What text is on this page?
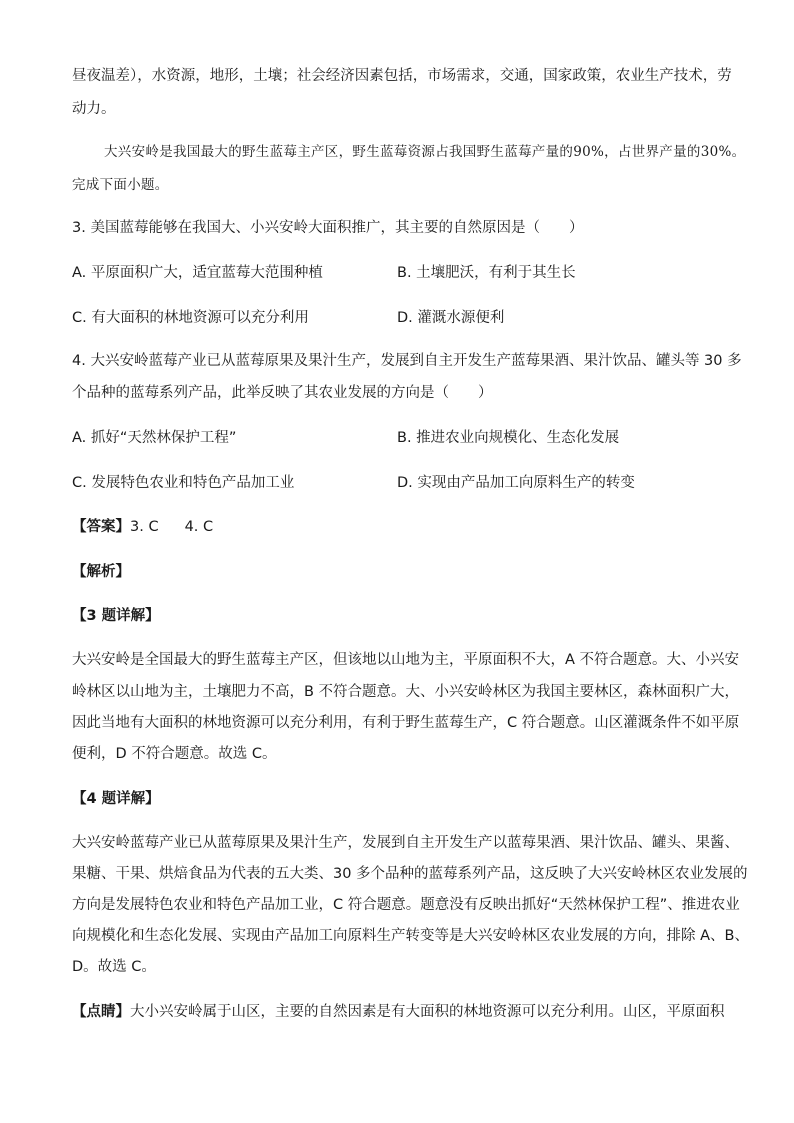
昼夜温差），水资源，地形，土壤；社会经济因素包括，市场需求，交通，国家政策，农业生产技术，劳
动力。
大兴安岭是我国最大的野生蓝莓主产区，野生蓝莓资源占我国野生蓝莓产量的90%，占世界产量的30%。
完成下面小题。
3. 美国蓝莓能够在我国大、小兴安岭大面积推广，其主要的自然原因是（　　）
A. 平原面积广大，适宜蓝莓大范围种植	B. 土壤肥沃，有利于其生长
C. 有大面积的林地资源可以充分利用	D. 灌溉水源便利
4. 大兴安岭蓝莓产业已从蓝莓原果及果汁生产，发展到自主开发生产蓝莓果酒、果汁饮品、罐头等 30 多
个品种的蓝莓系列产品，此举反映了其农业发展的方向是（　　）
A. 抓好“天然林保护工程”	B. 推进农业向规模化、生态化发展
C. 发展特色农业和特色产品加工业	D. 实现由产品加工向原料生产的转变
【答案】3. C 4. C
【解析】
【3 题详解】
大兴安岭是全国最大的野生蓝莓主产区，但该地以山地为主，平原面积不大，A 不符合题意。大、小兴安
岭林区以山地为主，土壤肥力不高，B 不符合题意。大、小兴安岭林区为我国主要林区，森林面积广大，
因此当地有大面积的林地资源可以充分利用，有利于野生蓝莓生产，C 符合题意。山区灌溉条件不如平原
便利，D 不符合题意。故选 C。
【4 题详解】
大兴安岭蓝莓产业已从蓝莓原果及果汁生产，发展到自主开发生产以蓝莓果酒、果汁饮品、罐头、果酱、
果糖、干果、烘焙食品为代表的五大类、30 多个品种的蓝莓系列产品，这反映了大兴安岭林区农业发展的
方向是发展特色农业和特色产品加工业，C 符合题意。题意没有反映出抓好“天然林保护工程”、推进农业
向规模化和生态化发展、实现由产品加工向原料生产转变等是大兴安岭林区农业发展的方向，排除 A、B、
D。故选 C。
【点睛】大小兴安岭属于山区，主要的自然因素是有大面积的林地资源可以充分利用。山区，平原面积
